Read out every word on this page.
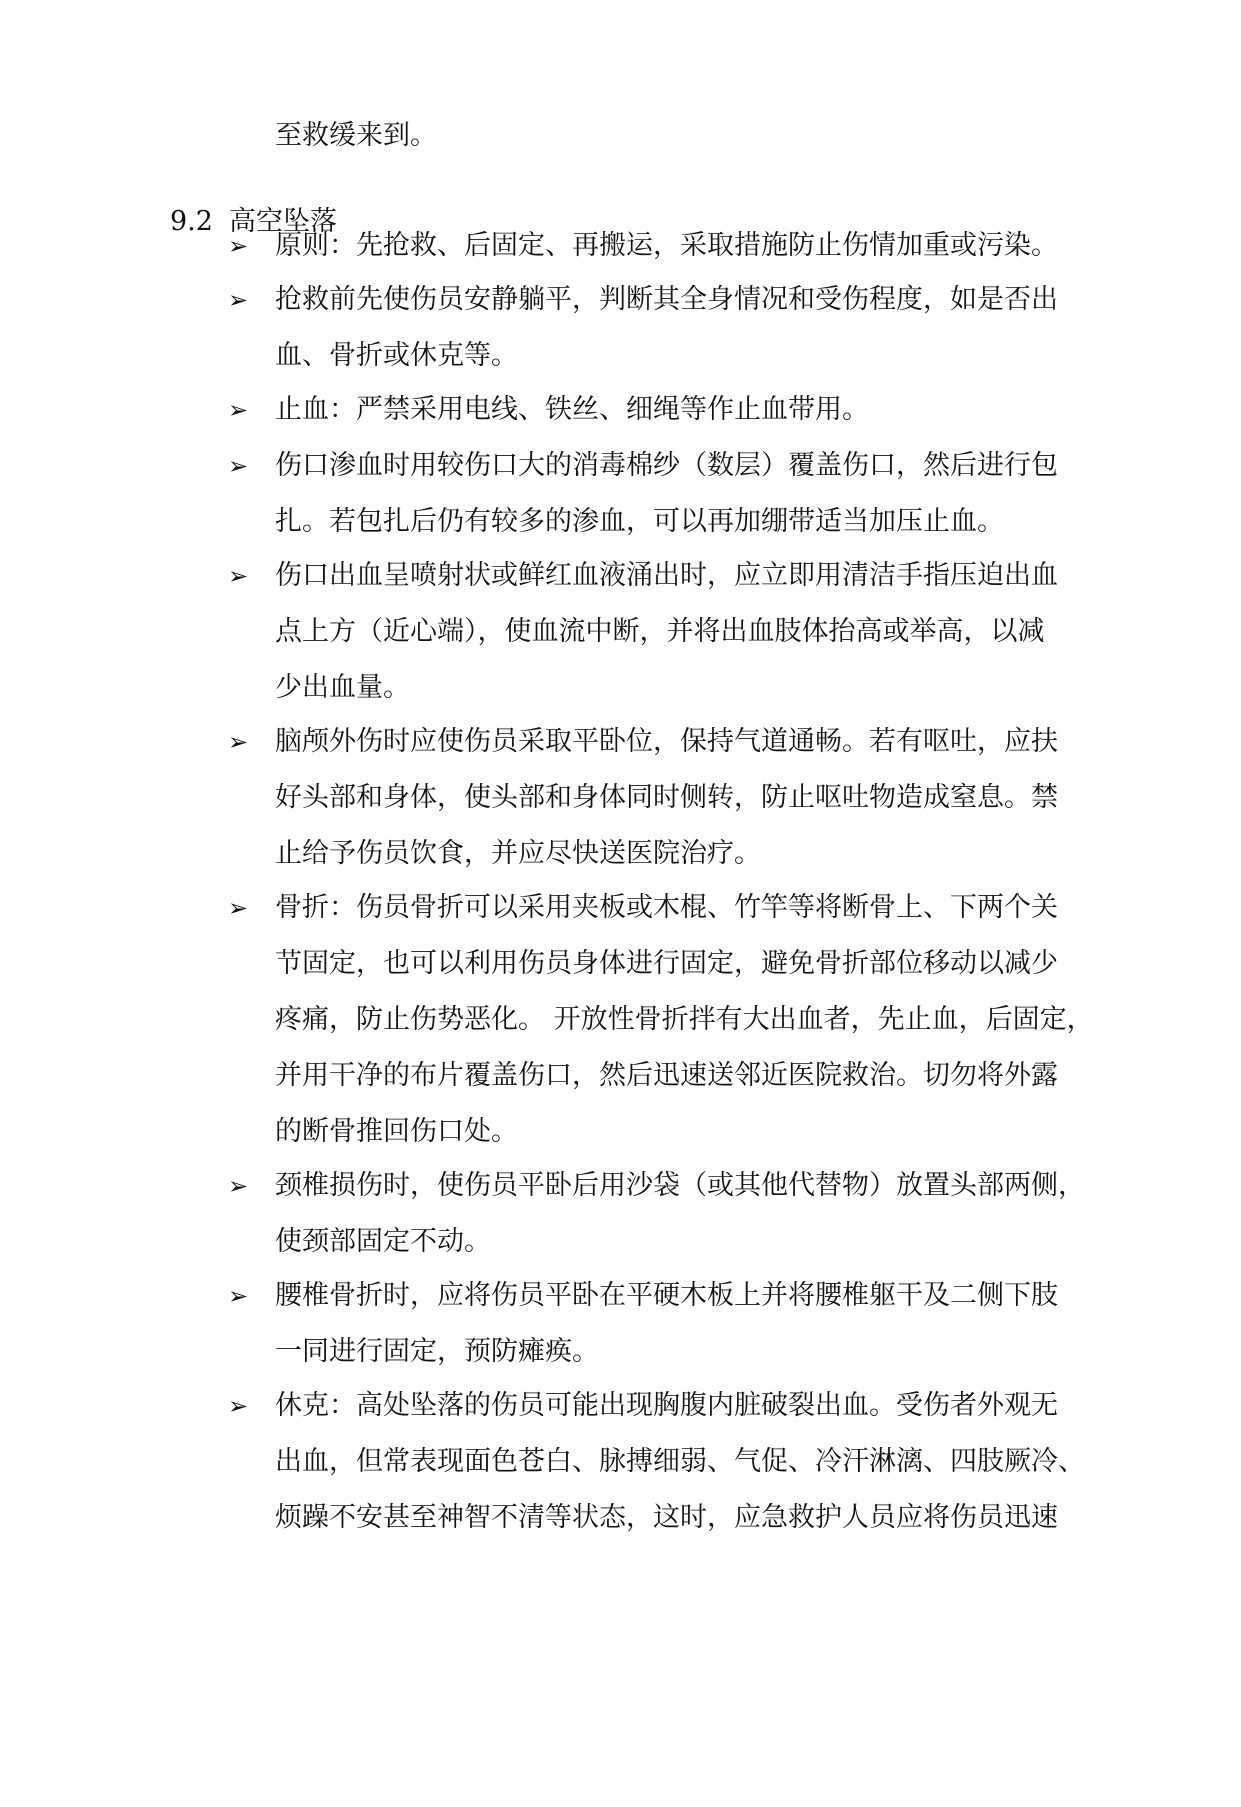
至救缓来到。
9.2 高空坠落
➢ 原则：先抢救、后固定、再搬运，采取措施防止伤情加重或污染。
➢ 抢救前先使伤员安静躺平，判断其全身情况和受伤程度，如是否出
血、骨折或休克等。
➢ 止血：严禁采用电线、铁丝、细绳等作止血带用。
➢ 伤口渗血时用较伤口大的消毒棉纱（数层）覆盖伤口，然后进行包
扎。若包扎后仍有较多的渗血，可以再加绷带适当加压止血。
➢ 伤口出血呈喷射状或鲜红血液涌出时，应立即用清洁手指压迫出血
点上方（近心端），使血流中断，并将出血肢体抬高或举高，以减
少出血量。
➢ 脑颅外伤时应使伤员采取平卧位，保持气道通畅。若有呕吐，应扶
好头部和身体，使头部和身体同时侧转，防止呕吐物造成窒息。禁
止给予伤员饮食，并应尽快送医院治疗。
➢ 骨折：伤员骨折可以采用夹板或木棍、竹竿等将断骨上、下两个关
节固定，也可以利用伤员身体进行固定，避免骨折部位移动以减少
疼痛，防止伤势恶化。 开放性骨折拌有大出血者，先止血，后固定，
并用干净的布片覆盖伤口，然后迅速送邻近医院救治。切勿将外露
的断骨推回伤口处。
➢ 颈椎损伤时，使伤员平卧后用沙袋（或其他代替物）放置头部两侧，
使颈部固定不动。
➢ 腰椎骨折时，应将伤员平卧在平硬木板上并将腰椎躯干及二侧下肢
一同进行固定，预防瘫痪。
➢ 休克：高处坠落的伤员可能出现胸腹内脏破裂出血。受伤者外观无
出血，但常表现面色苍白、脉搏细弱、气促、冷汗淋漓、四肢厥冷、
烦躁不安甚至神智不清等状态，这时，应急救护人员应将伤员迅速
